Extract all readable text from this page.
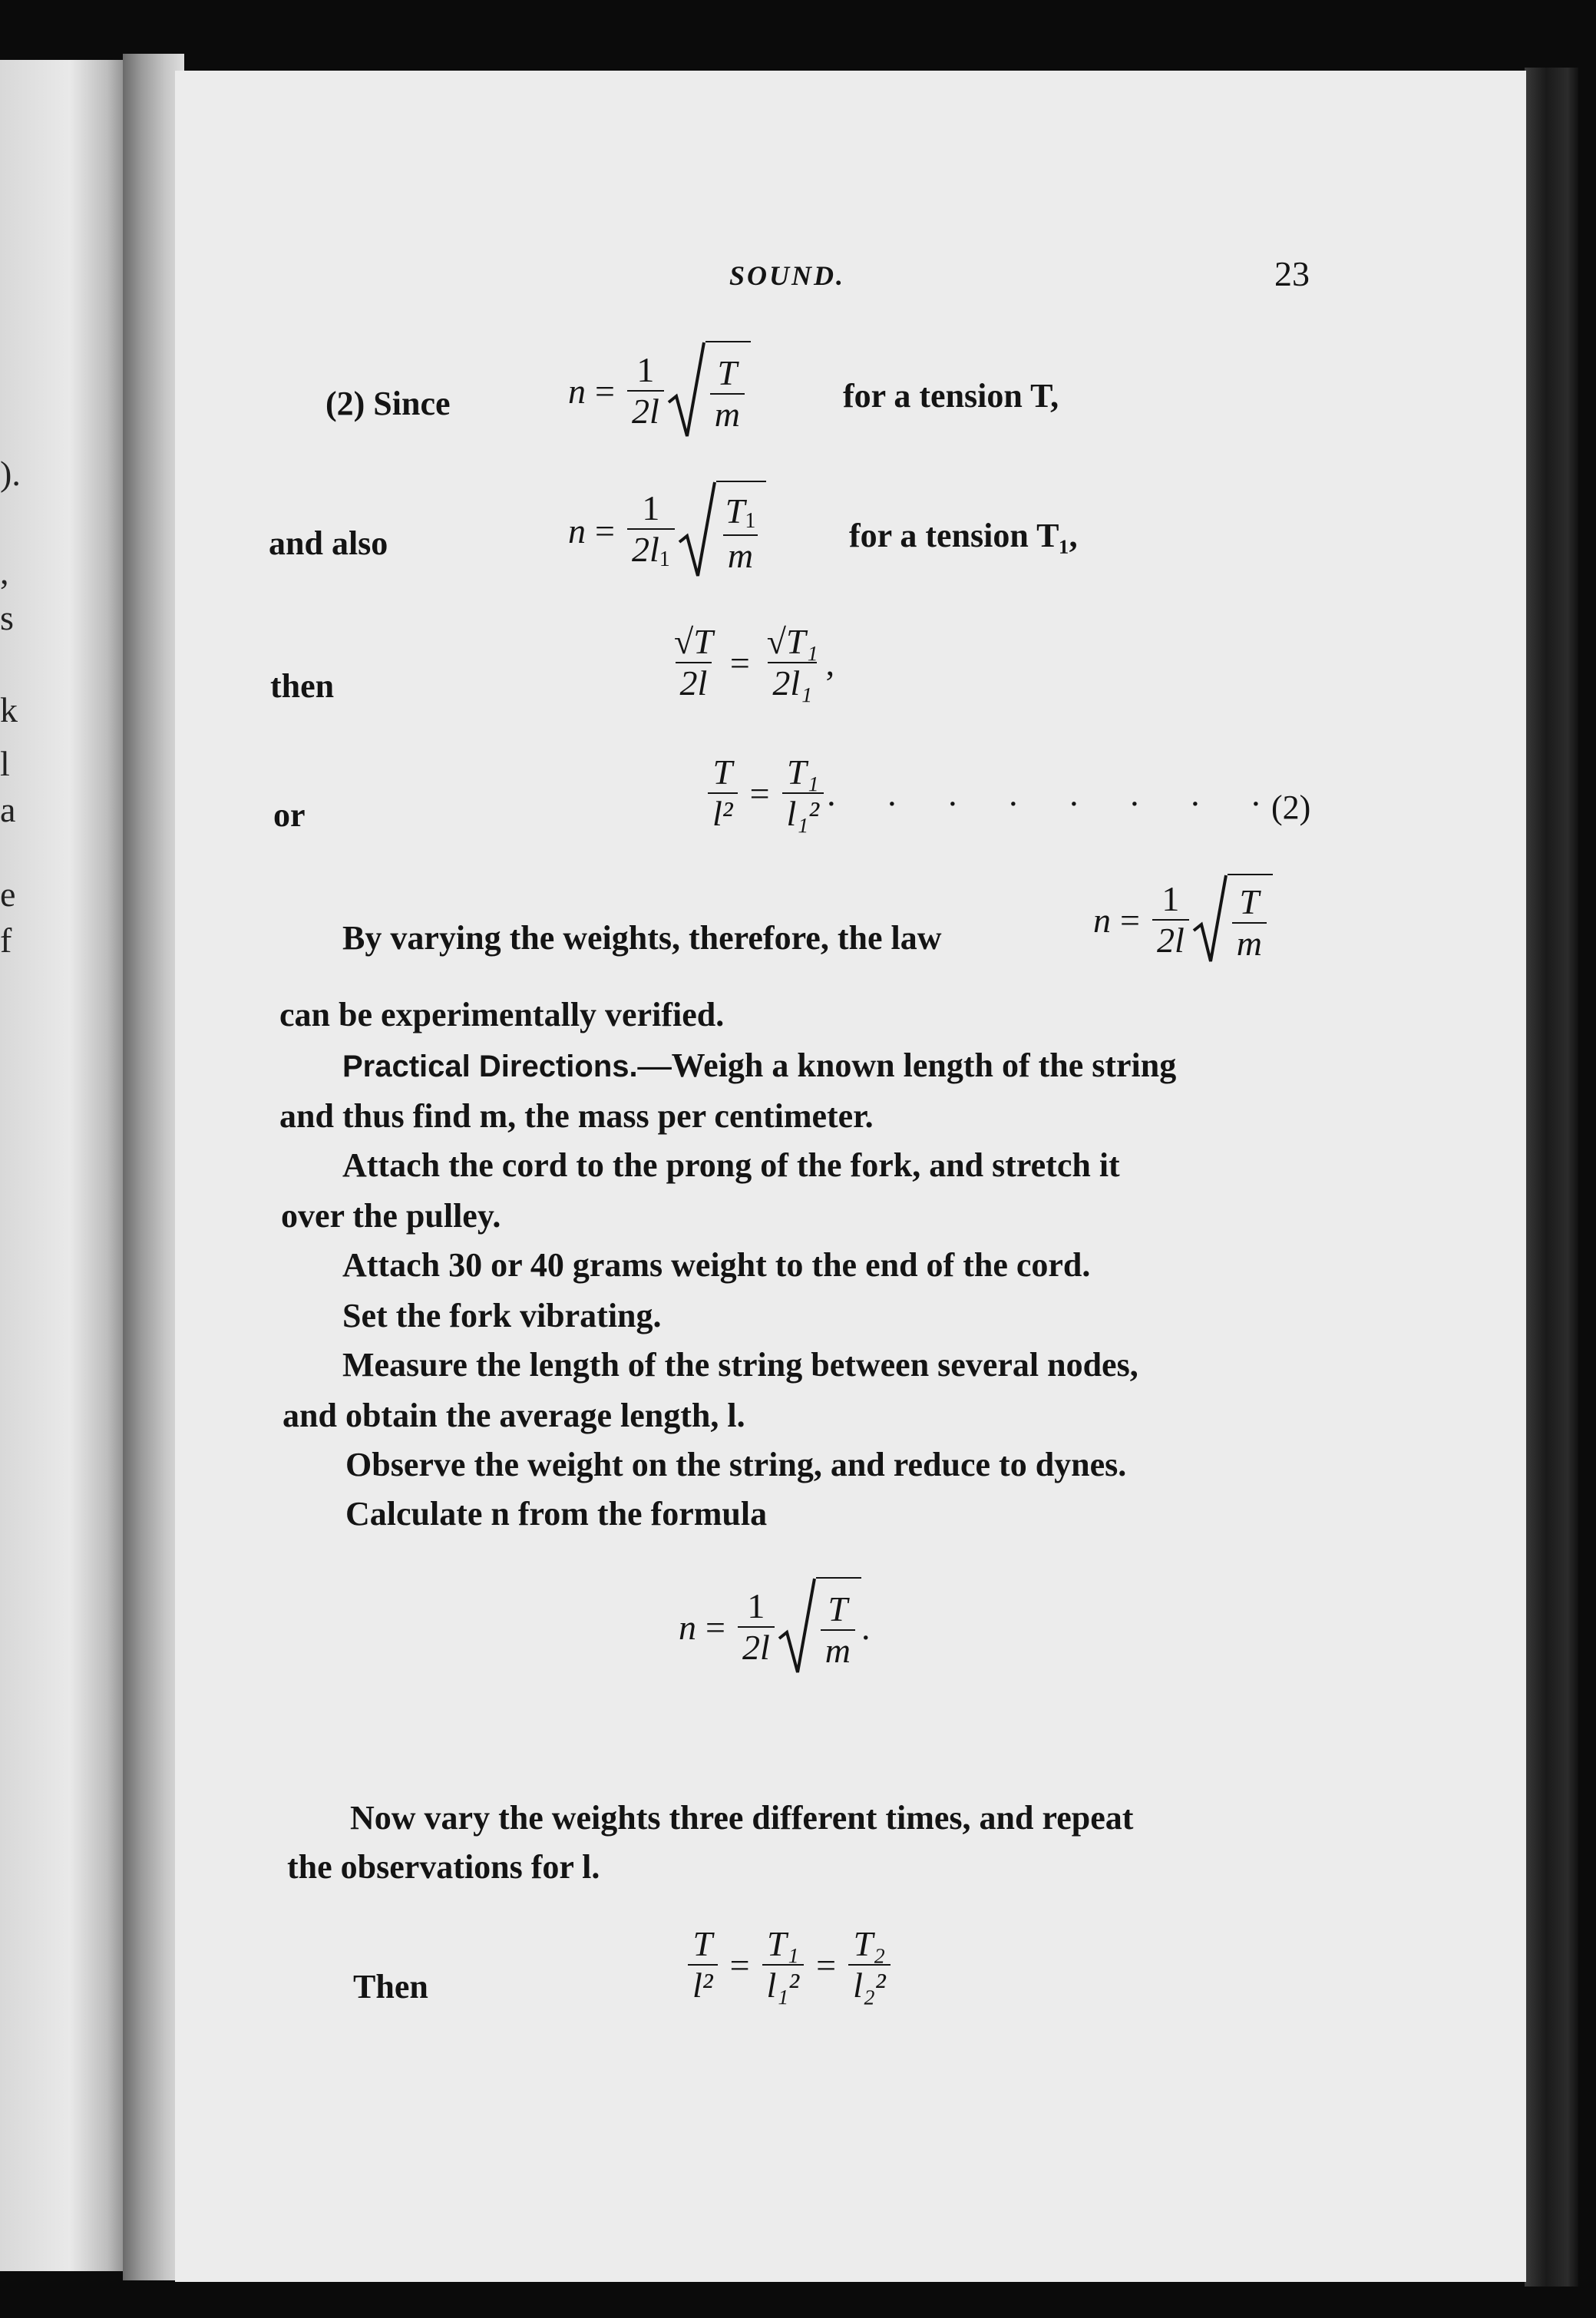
).
,
s
k
l
a
e
f
SOUND.	23
(2) Since	$n = \frac{1}{2l} \frac{T}{m}$	for a tension T,
and also	$n = \frac{1}{2l_1} \frac{T_1}{m}$	for a tension T₁,
then	$\frac{√T}{2l} = \frac{\text{√T₁}}{\text{2l₁}}$ ,
or	$\frac{T}{\text{l²}} = \frac{\text{T₁}}{\text{l₁²}}$ . . . . . . . .
(2)
By varying the weights, therefore, the law	$n = \frac{1}{2l} \frac{T}{m}$
can be experimentally verified.
Practical Directions.—Weigh a known length of the string
and thus find m, the mass per centimeter.
Attach the cord to the prong of the fork, and stretch it
over the pulley.
Attach 30 or 40 grams weight to the end of the cord.
Set the fork vibrating.
Measure the length of the string between several nodes,
and obtain the average length, l.
Observe the weight on the string, and reduce to dynes.
Calculate n from the formula
$n = \frac{1}{2l} \frac{T}{m}$ .
Now vary the weights three different times, and repeat
the observations for l.
Then	$\frac{T}{\text{l²}} = \frac{\text{T₁}}{\text{l₁²}} = \frac{\text{T₂}}{\text{l₂²}}$
